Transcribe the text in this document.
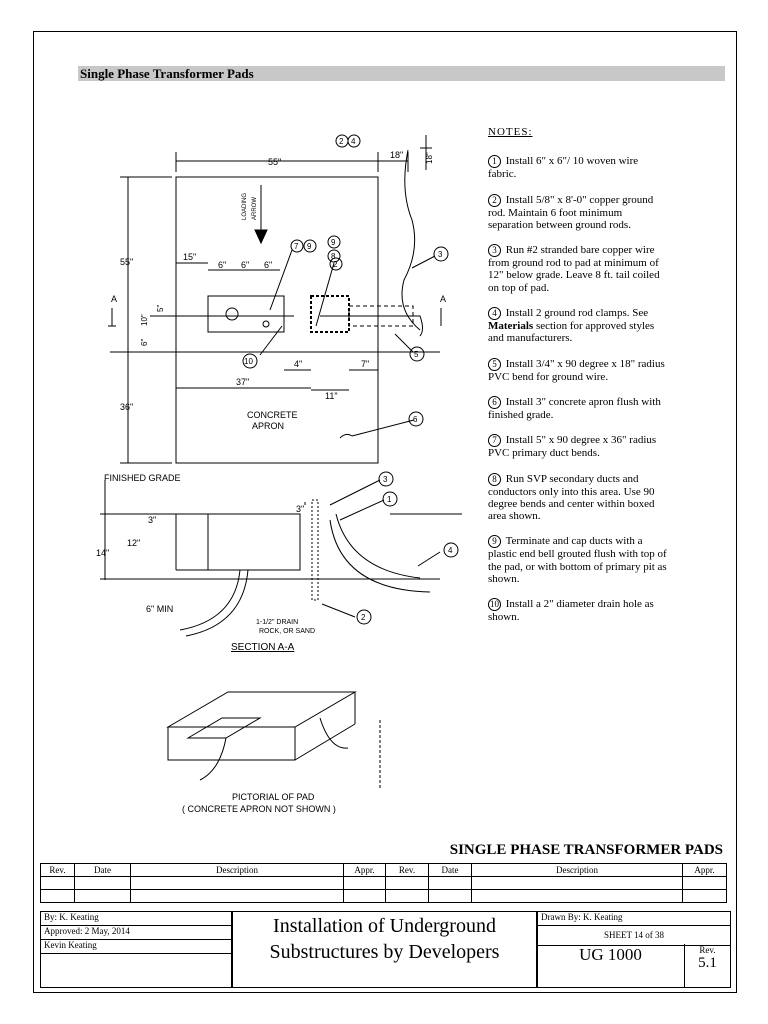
Single Phase Transformer Pads
55"
18"	18"
55"
36"
LOADING ARROW
15"
6" 6" 6"
6"
10"
5"
A	A
37"
4"	7"
11"
CONCRETE
APRON
FINISHED GRADE
3"
12"
14"
3"
6" MIN
1-1/2" DRAIN
ROCK, OR SAND
SECTION A-A
PICTORIAL OF PAD
( CONCRETE APRON NOT SHOWN )
2 4
7 9 9
8
2
3
10
5
6
3
1
4
2
NOTES:
1 Install 6" x 6"/ 10 woven wire fabric.
2 Install 5/8" x 8'-0" copper ground rod. Maintain 6 foot minimum separation between ground rods.
3 Run #2 stranded bare copper wire from ground rod to pad at minimum of 12" below grade. Leave 8 ft. tail coiled on top of pad.
4 Install 2 ground rod clamps. See Materials section for approved styles and manufacturers.
5 Install 3/4" x 90 degree x 18" radius PVC bend for ground wire.
6 Install 3" concrete apron flush with finished grade.
7 Install 5" x 90 degree x 36" radius PVC primary duct bends.
8 Run SVP secondary ducts and conductors only into this area. Use 90 degree bends and center within boxed area shown.
9 Terminate and cap ducts with a plastic end bell grouted flush with top of the pad, or with bottom of primary pit as shown.
10 Install a 2" diameter drain hole as shown.
SINGLE PHASE TRANSFORMER PADS
Rev.	Date	Description	Appr.	Rev.	Date	Description	Appr.

By: K. Keating
Approved: 2 May, 2014
Kevin Keating
Installation of Underground
Substructures by Developers
Drawn By: K. Keating
SHEET 14 of 38
UG 1000	Rev.
5.1
